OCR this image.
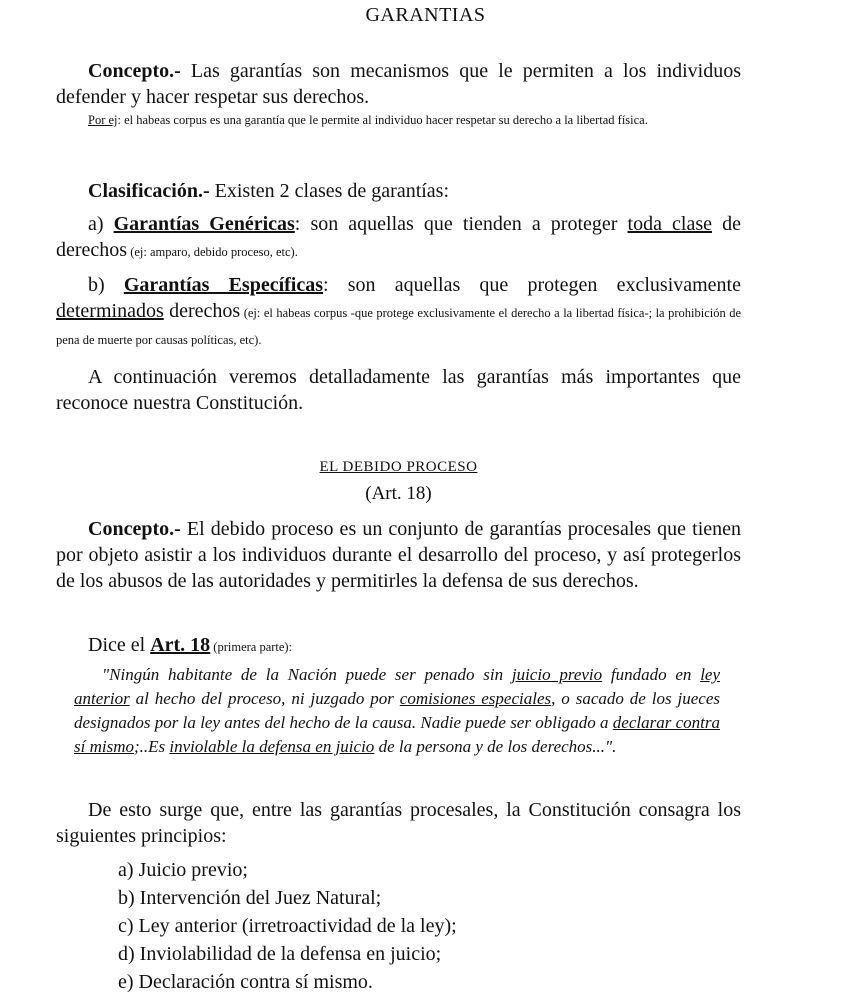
GARANTIAS
Concepto.- Las garantías son mecanismos que le permiten a los individuos defender y hacer respetar sus derechos.
Por ej: el habeas corpus es una garantía que le permite al individuo hacer respetar su derecho a la libertad física.
Clasificación.- Existen 2 clases de garantías:
a) Garantías Genéricas: son aquellas que tienden a proteger toda clase de derechos (ej: amparo, debido proceso, etc).
b) Garantías Específicas: son aquellas que protegen exclusivamente determinados derechos (ej: el habeas corpus -que protege exclusivamente el derecho a la libertad física-; la prohibición de pena de muerte por causas políticas, etc).
A continuación veremos detalladamente las garantías más importantes que reconoce nuestra Constitución.
EL DEBIDO PROCESO
(Art. 18)
Concepto.- El debido proceso es un conjunto de garantías procesales que tienen por objeto asistir a los individuos durante el desarrollo del proceso, y así protegerlos de los abusos de las autoridades y permitirles la defensa de sus derechos.
Dice el Art. 18 (primera parte):
"Ningún habitante de la Nación puede ser penado sin juicio previo fundado en ley anterior al hecho del proceso, ni juzgado por comisiones especiales, o sacado de los jueces designados por la ley antes del hecho de la causa. Nadie puede ser obligado a declarar contra sí mismo;..Es inviolable la defensa en juicio de la persona y de los derechos...".
De esto surge que, entre las garantías procesales, la Constitución consagra los siguientes principios:
a) Juicio previo;
b) Intervención del Juez Natural;
c) Ley anterior (irretroactividad de la ley);
d) Inviolabilidad de la defensa en juicio;
e) Declaración contra sí mismo.
